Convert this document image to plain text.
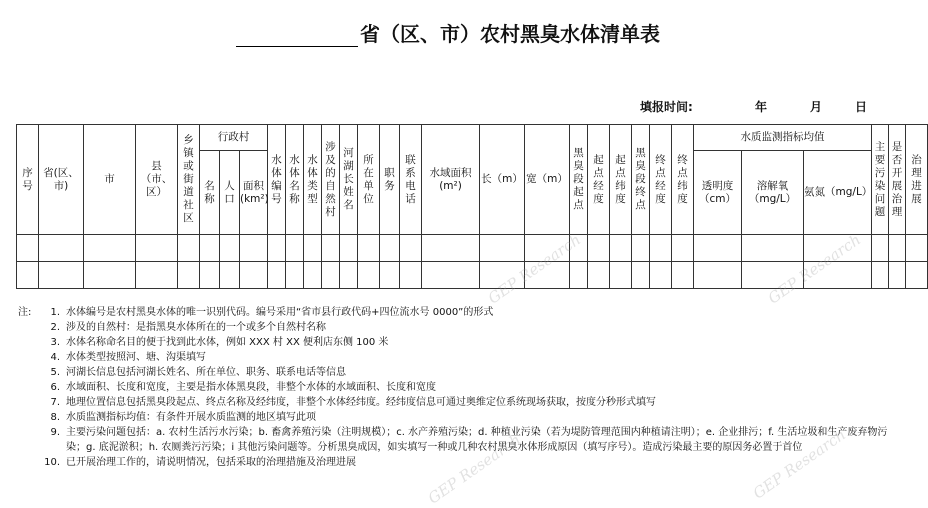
省（区、市）农村黑臭水体清单表
填报时间:	年	月	日
序号	省(区、市)	市	县（市、区）	乡镇或街道社区	行政村			水体编号	水体名称	水体类型	涉及的自然村	河湖长姓名	所在单位	职务	联系电话	水域面积(m²)	长（m）	宽（m）	黑臭段起点	起点经度	起点纬度	黑臭段终点	终点经度	终点纬度	水质监测指标均值			主要污染问题	是否开展治理	治理进展

					名称	人口	面积(km²)																		透明度（cm）	溶解氧（mg/L）	氨氮（mg/L）			

注:	1. 水体编号是农村黑臭水体的唯一识别代码。编号采用“省市县行政代码+四位流水号 0000”的形式
2. 涉及的自然村：是指黑臭水体所在的一个或多个自然村名称
3. 水体名称命名目的便于找到此水体，例如 XXX 村 XX 便利店东侧 100 米
4. 水体类型按照河、塘、沟渠填写
5. 河湖长信息包括河湖长姓名、所在单位、职务、联系电话等信息
6. 水域面积、长度和宽度，主要是指水体黑臭段，非整个水体的水域面积、长度和宽度
7. 地理位置信息包括黑臭段起点、终点名称及经纬度，非整个水体经纬度。经纬度信息可通过奥维定位系统现场获取，按度分秒形式填写
8. 水质监测指标均值：有条件开展水质监测的地区填写此项
9. 主要污染问题包括：a. 农村生活污水污染；b. 畜禽养殖污染（注明规模）；c. 水产养殖污染；d. 种植业污染（若为堤防管理范围内种植请注明）；e. 企业排污；f. 生活垃圾和生产废弃物污染；g. 底泥淤积；h. 农厕粪污污染；i 其他污染问题等。分析黑臭成因，如实填写一种或几种农村黑臭水体形成原因（填写序号）。造成污染最主要的原因务必置于首位
10. 已开展治理工作的，请说明情况，包括采取的治理措施及治理进展
GEP Research
GEP Research
GEP Research
GEP Research
